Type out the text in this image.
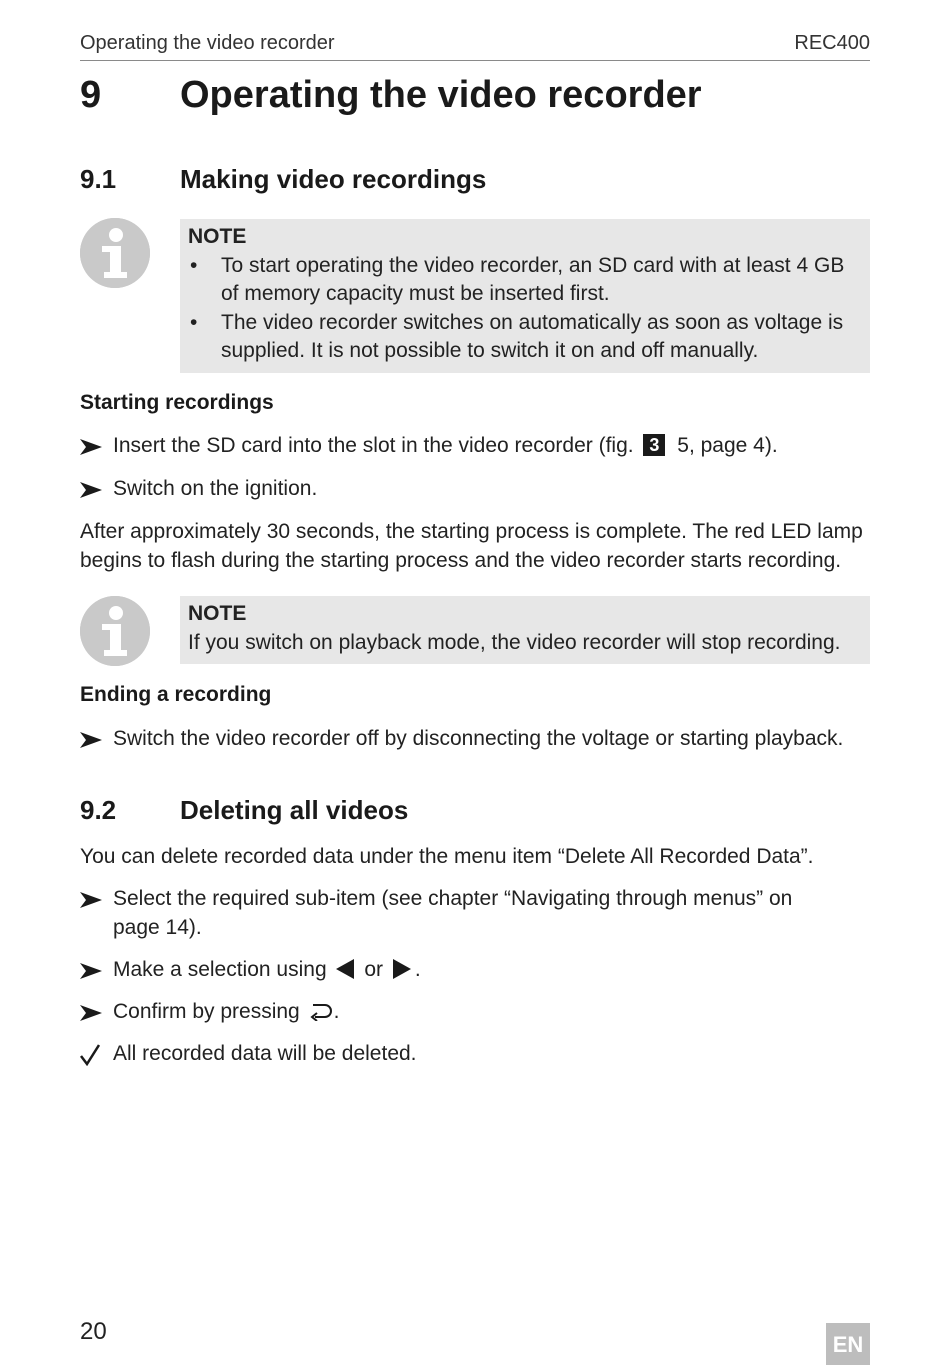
Operating the video recorder	REC400
9 Operating the video recorder
9.1 Making video recordings
NOTE
• To start operating the video recorder, an SD card with at least 4 GB of memory capacity must be inserted first.
• The video recorder switches on automatically as soon as voltage is supplied. It is not possible to switch it on and off manually.
Starting recordings
Insert the SD card into the slot in the video recorder (fig. 3 5, page 4).
Switch on the ignition.
After approximately 30 seconds, the starting process is complete. The red LED lamp begins to flash during the starting process and the video recorder starts recording.
NOTE
If you switch on playback mode, the video recorder will stop recording.
Ending a recording
Switch the video recorder off by disconnecting the voltage or starting playback.
9.2 Deleting all videos
You can delete recorded data under the menu item “Delete All Recorded Data”.
Select the required sub-item (see chapter “Navigating through menus” on page 14).
Make a selection using or .
Confirm by pressing .
All recorded data will be deleted.
20	EN
